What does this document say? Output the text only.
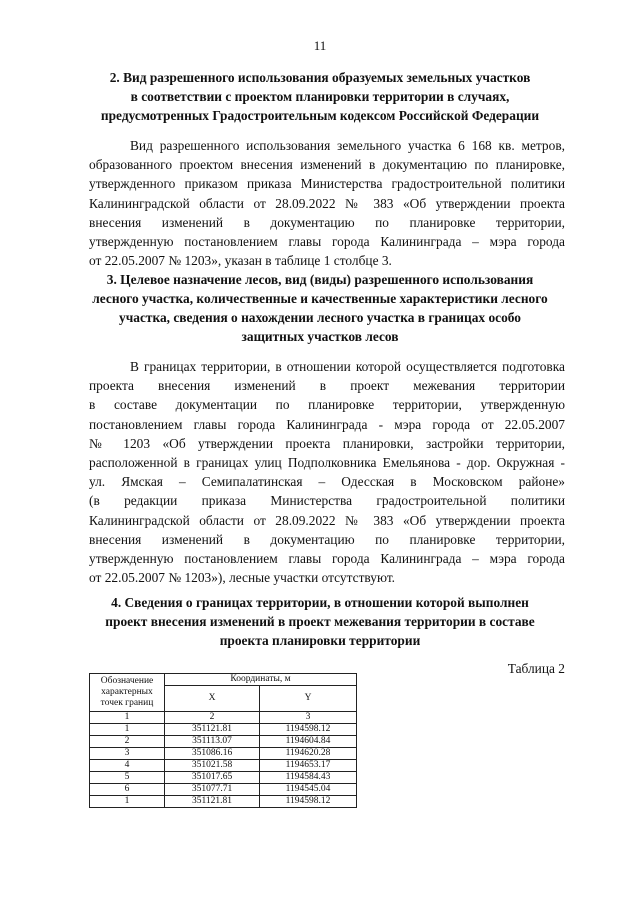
11
2. Вид разрешенного использования образуемых земельных участков
в соответствии с проектом планировки территории в случаях,
предусмотренных Градостроительным кодексом Российской Федерации
Вид разрешенного использования земельного участка 6 168 кв. метров,
образованного проектом внесения изменений в документацию по планировке,
утвержденного приказом приказа Министерства градостроительной политики
Калининградской области от 28.09.2022 № 383 «Об утверждении проекта
внесения изменений в документацию по планировке территории,
утвержденную постановлением главы города Калининграда – мэра города
от 22.05.2007 № 1203», указан в таблице 1 столбце 3.
3. Целевое назначение лесов, вид (виды) разрешенного использования
лесного участка, количественные и качественные характеристики лесного
участка, сведения о нахождении лесного участка в границах особо
защитных участков лесов
В границах территории, в отношении которой осуществляется подготовка
проекта внесения изменений в проект межевания территории
в составе документации по планировке территории, утвержденную
постановлением главы города Калининграда - мэра города от 22.05.2007
№ 1203 «Об утверждении проекта планировки, застройки территории,
расположенной в границах улиц Подполковника Емельянова - дор. Окружная -
ул. Ямская – Семипалатинская – Одесская в Московском районе»
(в редакции приказа Министерства градостроительной политики
Калининградской области от 28.09.2022 № 383 «Об утверждении проекта
внесения изменений в документацию по планировке территории,
утвержденную постановлением главы города Калининграда – мэра города
от 22.05.2007 № 1203»), лесные участки отсутствуют.
4. Сведения о границах территории, в отношении которой выполнен
проект внесения изменений в проект межевания территории в составе
проекта планировки территории
Таблица 2
Обозначение характерных точек границ	Координаты, м	
	X	Y
1	2	3
1	351121.81	1194598.12
2	351113.07	1194604.84
3	351086.16	1194620.28
4	351021.58	1194653.17
5	351017.65	1194584.43
6	351077.71	1194545.04
1	351121.81	1194598.12
